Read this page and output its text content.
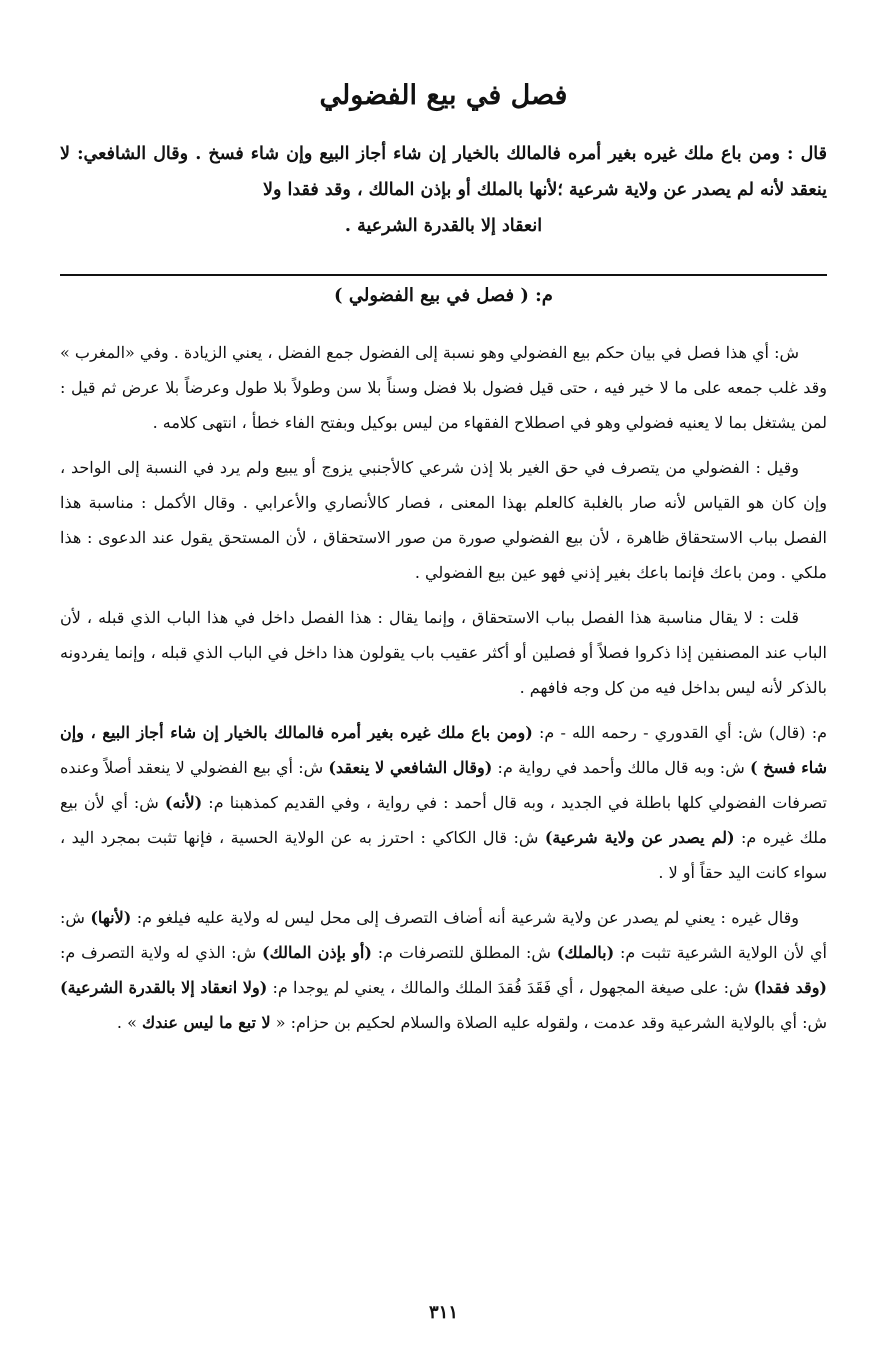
فصل في بيع الفضولي
قال : ومن باع ملك غيره بغير أمره فالمالك بالخيار إن شاء أجاز البيع وإن شاء فسخ . وقال الشافعي: لا ينعقد لأنه لم يصدر عن ولاية شرعية ؛لأنها بالملك أو بإذن المالك ، وقد فقدا ولا
انعقاد إلا بالقدرة الشرعية .
م: ( فصل في بيع الفضولي )

ش: أي هذا فصل في بيان حكم بيع الفضولي وهو نسبة إلى الفضول جمع الفضل ، يعني الزيادة . وفي «المغرب » وقد غلب جمعه على ما لا خير فيه ، حتى قيل فضول بلا فضل وسناً بلا سن وطولاً بلا طول وعرضاً بلا عرض ثم قيل : لمن يشتغل بما لا يعنيه فضولي وهو في اصطلاح الفقهاء من ليس بوكيل وبفتح الفاء خطأ ، انتهى كلامه .

وقيل : الفضولي من يتصرف في حق الغير بلا إذن شرعي كالأجنبي يزوج أو يبيع ولم يرد في النسبة إلى الواحد ، وإن كان هو القياس لأنه صار بالغلبة كالعلم بهذا المعنى ، فصار كالأنصاري والأعرابي . وقال الأكمل : مناسبة هذا الفصل بباب الاستحقاق ظاهرة ، لأن بيع الفضولي صورة من صور الاستحقاق ، لأن المستحق يقول عند الدعوى : هذا ملكي . ومن باعك فإنما باعك بغير إذني فهو عين بيع الفضولي .

قلت : لا يقال مناسبة هذا الفصل بباب الاستحقاق ، وإنما يقال : هذا الفصل داخل في هذا الباب الذي قبله ، لأن الباب عند المصنفين إذا ذكروا فصلاً أو فصلين أو أكثر عقيب باب يقولون هذا داخل في الباب الذي قبله ، وإنما يفردونه بالذكر لأنه ليس بداخل فيه من كل وجه فافهم .

م: (قال) ش: أي القدوري - رحمه الله - م: (ومن باع ملك غيره بغير أمره فالمالك بالخيار إن شاء أجاز البيع ، وإن شاء فسخ ) ش: وبه قال مالك وأحمد في رواية م: (وقال الشافعي لا ينعقد) ش: أي بيع الفضولي لا ينعقد أصلاً وعنده تصرفات الفضولي كلها باطلة في الجديد ، وبه قال أحمد : في رواية ، وفي القديم كمذهبنا م: (لأنه) ش: أي لأن بيع ملك غيره م: (لم يصدر عن ولاية شرعية) ش: قال الكاكي : احترز به عن الولاية الحسية ، فإنها تثبت بمجرد اليد ، سواء كانت اليد حقاً أو لا .

وقال غيره : يعني لم يصدر عن ولاية شرعية أنه أضاف التصرف إلى محل ليس له ولاية عليه فيلغو م: (لأنها) ش: أي لأن الولاية الشرعية تثبت م: (بالملك) ش: المطلق للتصرفات م: (أو بإذن المالك) ش: الذي له ولاية التصرف م: (وقد فقدا) ش: على صيغة المجهول ، أي فَقَدَ فُقدَ الملك والمالك ، يعني لم يوجدا م: (ولا انعقاد إلا بالقدرة الشرعية) ش: أي بالولاية الشرعية وقد عدمت ، ولقوله عليه الصلاة والسلام لحكيم بن حزام: « لا تبع ما ليس عندك » .

٣١١
